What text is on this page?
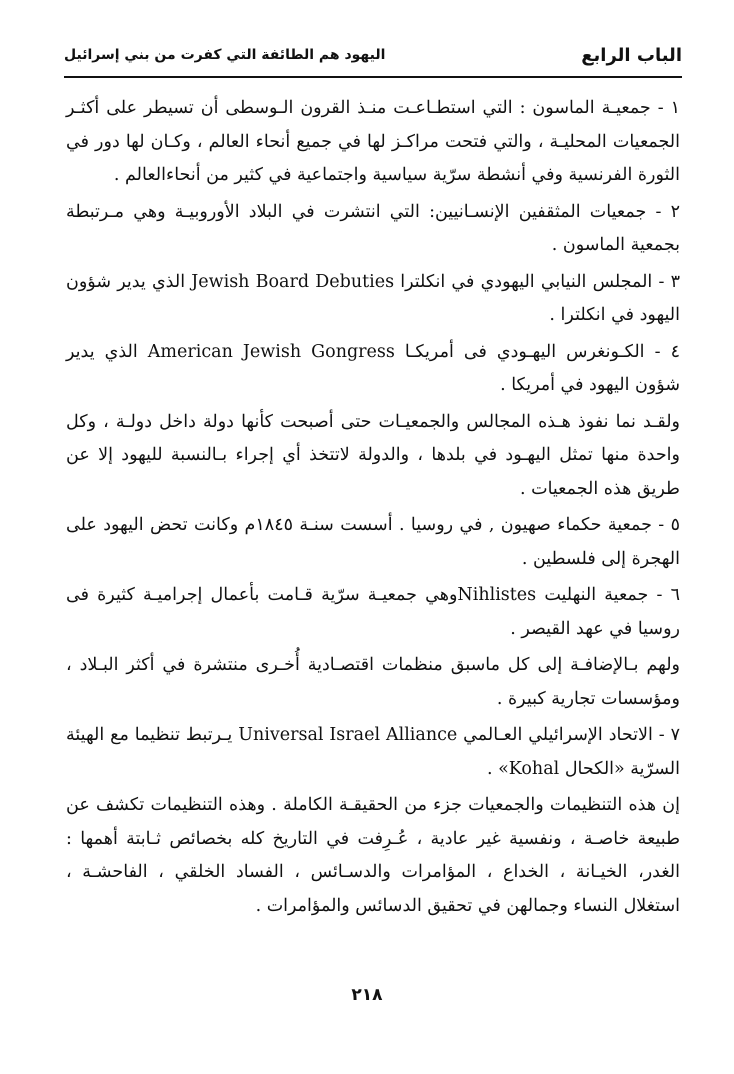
الباب الرابع
اليهود هم الطائفة التي كفرت من بني إسرائيل

١ - جمعيـة الماسون : التي استطـاعـت منـذ القرون الـوسطى أن تسيطر على أكثـر الجمعيات المحليـة ، والتي فتحت مراكـز لها في جميع أنحاء العالم ، وكـان لها دور في الثورة الفرنسية وفي أنشطة سرّية سياسية واجتماعية في كثير من أنحاءالعالم .

٢ - جمعيات المثقفين الإنسـانيين: التي انتشرت في البلاد الأوروبيـة وهي مـرتبطة بجمعية الماسون .

٣ - المجلس النيابي اليهودي في انكلترا Jewish Board Debuties الذي يدير شؤون اليهود في انكلترا .

٤ - الكـونغرس اليهـودي فى أمريكـا American Jewish Gongress الذي يدير شؤون اليهود في أمريكا .

ولقـد نما نفوذ هـذه المجالس والجمعيـات حتى أصبحت كأنها دولة داخل دولـة ، وكل واحدة منها تمثل اليهـود في بلدها ، والدولة لاتتخذ أي إجراء بـالنسبة لليهود إلا عن طريق هذه الجمعيات .

٥ - جمعية حكماء صهيون , في روسيا . أسست سنـة ١٨٤٥م وكانت تحض اليهود على الهجرة إلى فلسطين .

٦ - جمعية النهليت Nihlistesوهي جمعيـة سرّية قـامت بأعمال إجراميـة كثيرة فى روسيا في عهد القيصر .

ولهم بـالإضافـة إلى كل ماسبق منظمات اقتصـادية أُخـرى منتشرة في أكثر البـلاد ، ومؤسسات تجارية كبيرة .

٧ - الاتحاد الإسرائيلي العـالمي Universal Israel Alliance يـرتبط تنظيما مع الهيئة السرّية «الكحال Kohal» .

إن هذه التنظيمات والجمعيات جزء من الحقيقـة الكاملة . وهذه التنظيمات تكشف عن طبيعة خاصـة ، ونفسية غير عادية ، عُـرِفت في التاريخ كله بخصائص ثـابتة أهمها : الغدر، الخيـانة ، الخداع ، المؤامرات والدسـائس ، الفساد الخلقي ، الفاحشـة ، استغلال النساء وجمالهن في تحقيق الدسائس والمؤامرات .

٢١٨
